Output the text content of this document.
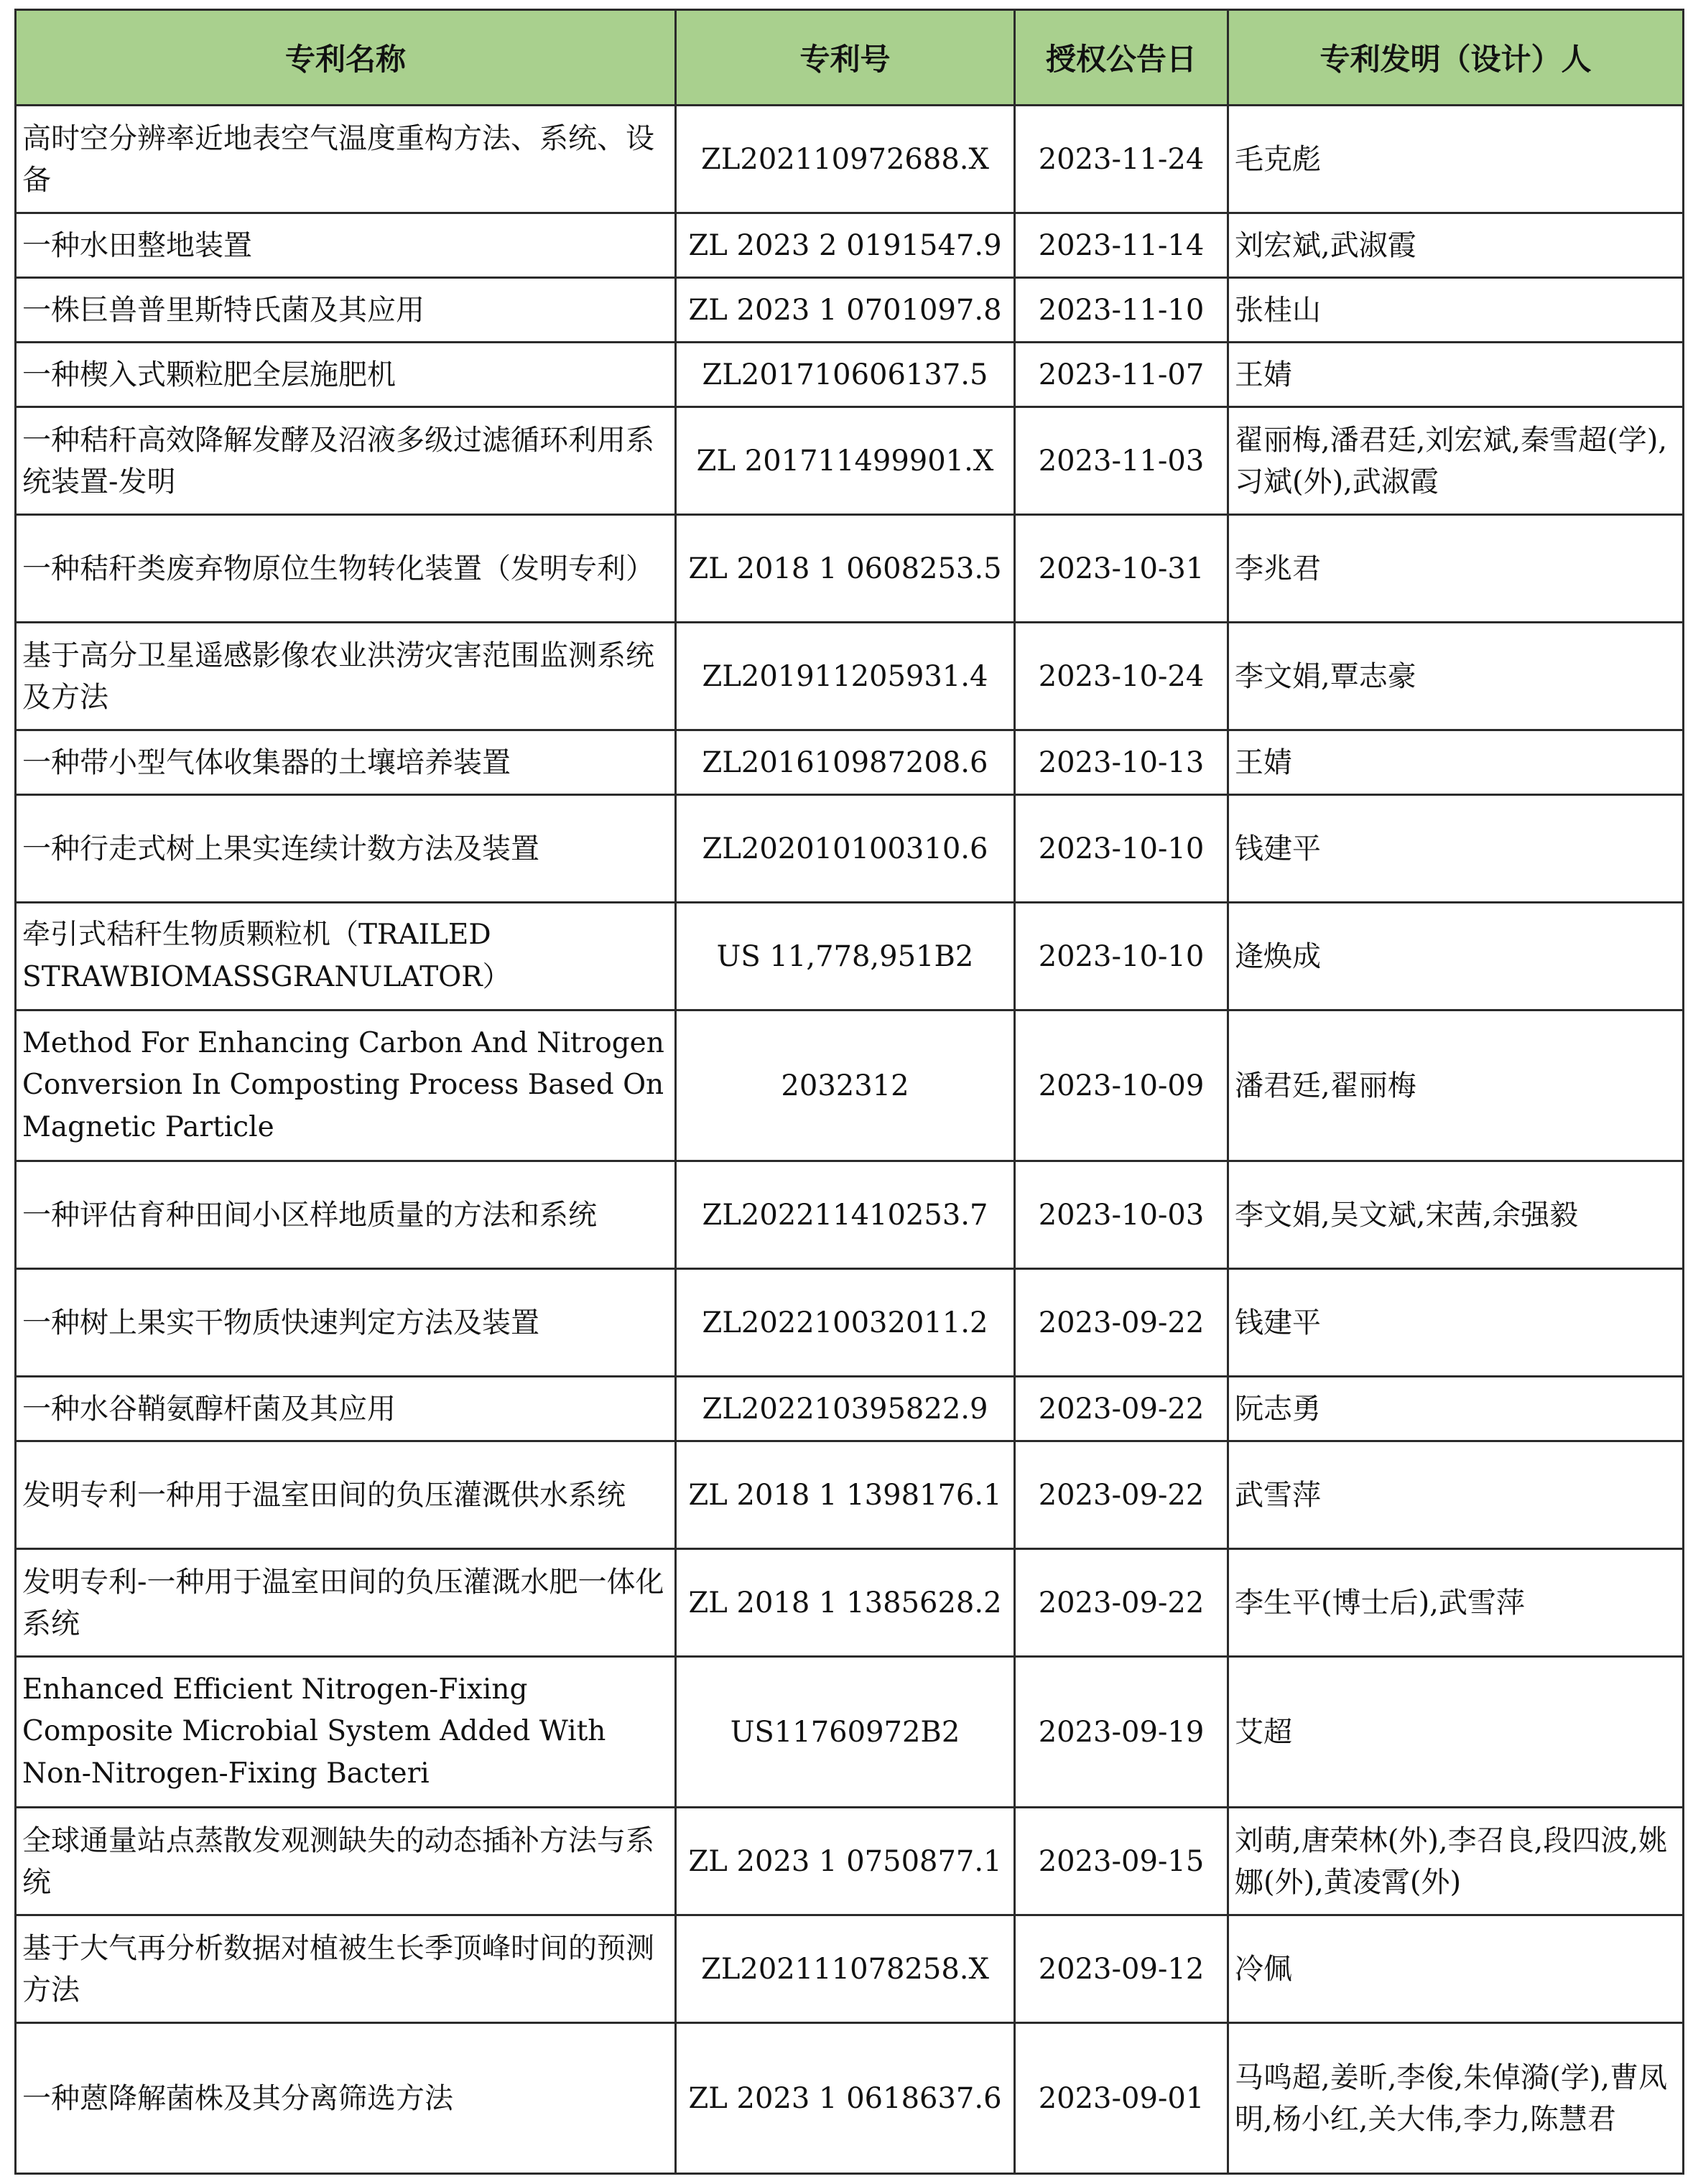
专利名称	专利号	授权公告日	专利发明（设计）人
高时空分辨率近地表空气温度重构方法、系统、设备	ZL202110972688.X	2023-11-24	毛克彪
一种水田整地装置	ZL 2023 2 0191547.9	2023-11-14	刘宏斌,武淑霞
一株巨兽普里斯特氏菌及其应用	ZL 2023 1 0701097.8	2023-11-10	张桂山
一种楔入式颗粒肥全层施肥机	ZL201710606137.5	2023-11-07	王婧
一种秸秆高效降解发酵及沼液多级过滤循环利用系统装置-发明	ZL 201711499901.X	2023-11-03	翟丽梅,潘君廷,刘宏斌,秦雪超(学),习斌(外),武淑霞
一种秸秆类废弃物原位生物转化装置（发明专利）	ZL 2018 1 0608253.5	2023-10-31	李兆君
基于高分卫星遥感影像农业洪涝灾害范围监测系统及方法	ZL201911205931.4	2023-10-24	李文娟,覃志豪
一种带小型气体收集器的土壤培养装置	ZL201610987208.6	2023-10-13	王婧
一种行走式树上果实连续计数方法及装置	ZL202010100310.6	2023-10-10	钱建平
牵引式秸秆生物质颗粒机（TRAILED STRAWBIOMASSGRANULATOR）	US 11,778,951B2	2023-10-10	逄焕成
Method For Enhancing Carbon And Nitrogen Conversion In Composting Process Based On Magnetic Particle	2032312	2023-10-09	潘君廷,翟丽梅
一种评估育种田间小区样地质量的方法和系统	ZL202211410253.7	2023-10-03	李文娟,吴文斌,宋茜,余强毅
一种树上果实干物质快速判定方法及装置	ZL202210032011.2	2023-09-22	钱建平
一种水谷鞘氨醇杆菌及其应用	ZL202210395822.9	2023-09-22	阮志勇
发明专利一种用于温室田间的负压灌溉供水系统	ZL 2018 1 1398176.1	2023-09-22	武雪萍
发明专利-一种用于温室田间的负压灌溉水肥一体化系统	ZL 2018 1 1385628.2	2023-09-22	李生平(博士后),武雪萍
Enhanced Efficient Nitrogen-Fixing Composite Microbial System Added With Non-Nitrogen-Fixing Bacteri	US11760972B2	2023-09-19	艾超
全球通量站点蒸散发观测缺失的动态插补方法与系统	ZL 2023 1 0750877.1	2023-09-15	刘萌,唐荣林(外),李召良,段四波,姚娜(外),黄凌霄(外)
基于大气再分析数据对植被生长季顶峰时间的预测方法	ZL202111078258.X	2023-09-12	冷佩
一种蒽降解菌株及其分离筛选方法	ZL 2023 1 0618637.6	2023-09-01	马鸣超,姜昕,李俊,朱倬漪(学),曹凤明,杨小红,关大伟,李力,陈慧君
